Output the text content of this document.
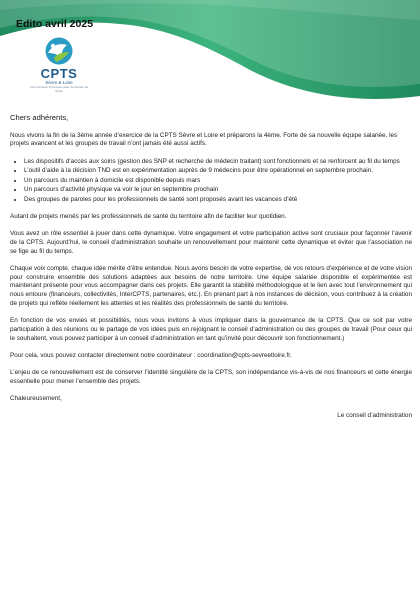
Edito avril 2025
CPTS
Sèvre & Loire
Communauté Professionnelle Territoriale de Santé

Chers adhérents,

Nous vivons la fin de la 3ème année d’exercice de la CPTS Sèvre et Loire et préparons la 4ème. Forte de sa nouvelle équipe salariée, les projets avancent et les groupes de travail n’ont jamais été aussi actifs.

• Les dispositifs d’accès aux soins (gestion des SNP et recherche de médecin traitant) sont fonctionnels et se renforcent au fil du temps
• L’outil d’aide à la décision TND est en expérimentation auprès de 9 médecins pour être opérationnel en septembre prochain.
• Un parcours du maintien à domicile est disponible depuis mars
• Un parcours d’activité physique va voir le jour en septembre prochain
• Des groupes de paroles pour les professionnels de santé sont proposés avant les vacances d’été

Autant de projets menés par les professionnels de santé du territoire afin de faciliter leur quotidien.

Vous avez un rôle essentiel à jouer dans cette dynamique. Votre engagement et votre participation active sont cruciaux pour façonner l’avenir de la CPTS. Aujourd’hui, le conseil d’administration souhaite un renouvellement pour maintenir cette dynamique et éviter que l’association ne se fige au fil du temps.

Chaque voix compte, chaque idée mérite d’être entendue. Nous avons besoin de votre expertise, de vos retours d’expérience et de votre vision pour construire ensemble des solutions adaptées aux besoins de notre territoire. Une équipe salariée disponible et expérimentée est maintenant présente pour vous accompagner dans ces projets. Elle garantit la stabilité méthodologique et le lien avec tout l’environnement qui nous entoure (financeurs, collectivités, InterCPTS, partenaires, etc.). En prenant part à nos instances de décision, vous contribuez à la création de projets qui reflète réellement les attentes et les réalités des professionnels de santé du territoire.

En fonction de vos envies et possibilités, nous vous invitons à vous impliquer dans la gouvernance de la CPTS. Que ce soit par votre participation à des réunions ou le partage de vos idées puis en rejoignant le conseil d’administration ou des groupes de travail (Pour ceux qui le souhaitent, vous pouvez participer à un conseil d’administration en tant qu’invité pour découvrir son fonctionnement.)

Pour cela, vous pouvez contacter directement notre coordinateur : coordination@cpts-sevreetloire.fr.

L’enjeu de ce renouvellement est de conserver l’identité singulière de la CPTS, son indépendance vis-à-vis de nos financeurs et cette énergie essentielle pour mener l’ensemble des projets.

Chaleureusement,

Le conseil d’administration
